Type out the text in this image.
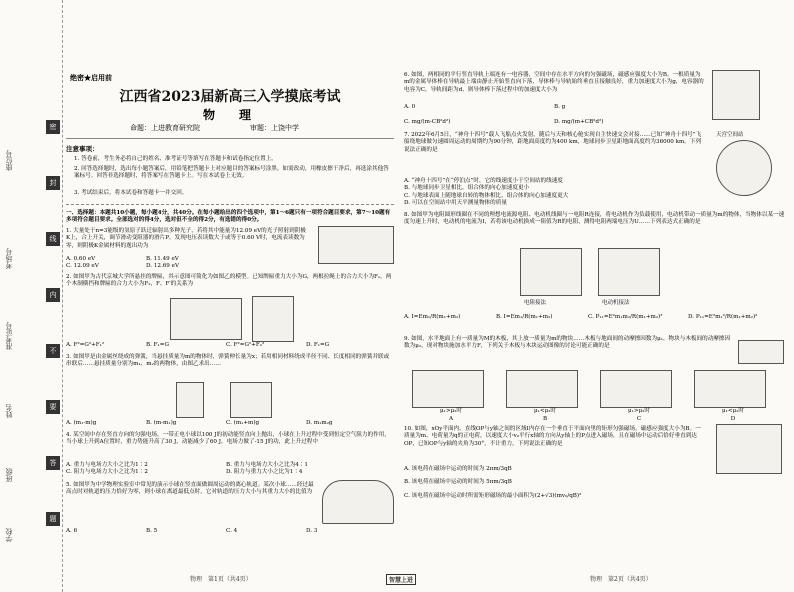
座位号
考场号
准考证号
姓名
班级
学校
密
封
线
内
不
要
答
题
绝密★启用前
江西省2023届新高三入学摸底考试
物　理
命题：上进教育研究院	审题：上饶中学
注意事项：
1. 答卷前，考生务必将自己的姓名、准考证号等填写在答题卡和试卷指定位置上。
2. 回答选择题时，选出每小题答案后，用铅笔把答题卡上对应题目的答案标号涂黑。如需改动，用橡皮擦干净后，再选涂其他答案标号。回答非选择题时，将答案写在答题卡上。写在本试卷上无效。
3. 考试结束后，将本试卷和答题卡一并交回。
一、选择题：本题共10小题，每小题4分，共40分。在每小题给出的四个选项中，第1～6题只有一项符合题目要求，第7～10题有多项符合题目要求。全部选对的得4分，选对但不全的得2分，有选错的得0分。
1. 大量处于n=3能级的氢原子跃迁辐射出多种光子，若将其中能量为12.09 eV的光子照射到阴极K上，合上开关，调节滑动变阻器的滑片P，发现电压表读数大于或等于0.60 V时，电流表读数为零，则阴极K金属材料的逸出功为
A. 0.60 eV	B. 11.49 eV
C. 12.09 eV	D. 12.69 eV
2. 如图甲为古代京城大学所悬挂的牌匾，其示意图可简化为如图乙的模型。已知牌匾重力大小为G，两根拉绳上的合力大小为F₁，两个木制横挡和牌匾的合力大小为F₂，F、F′的关系为
A. F²=G²+F₁²	B. F₁=G	C. F²=G²+F₂²	D. F₁=G
3. 如图甲是由金属丝绕成的弹簧，当悬挂质量为m的物体时，弹簧伸长量为x；若用相同材料绕成半径不同、长度相同的弹簧并联或串联后……悬挂质量分别为m₁、m₂的两物体，由图乙求出……
A. (m₁-m)g	B. (m-m₁)g	C. (m₁+m)g	D. m₁m₂g
4. 某空间中存在竖直方向的匀强电场，一带正电小球以100 J的初动能竖直向上抛出，小球在上升过程中受到恒定空气阻力的作用，当小球上升到A位置时，重力势能升高了30 J，动能减少了60 J，电场力做了-15 J的功，此上升过程中
A. 重力与电场力大小之比为1∶2	B. 重力与电场力大小之比为4∶1
C. 阻力与电场力大小之比为1∶2	D. 阻力与重力大小之比为1∶4
5. 如图甲为中学物理实验室中常见的演示小球在竖直面做圆周运动的离心轨道。某次小球……经过最高点时对轨道的压力恰好为零，则小球在离道最低点时，它对轨道的压力大小与其重力大小的比值为
A. 6	B. 5	C. 4	D. 3
物理　第1页（共4页）	智慧上进	物理　第2页（共4页）
6. 如图，两相同的平行竖直导轨上端连有一电容器，空间中存在水平方向的匀强磁场，磁感应强度大小为B。一根质量为m的金属导体棒在导轨最上端由静止开始竖直向下落，导体棒与导轨始终垂直且接触良好，重力加速度大小为g，电容器的电容为C，导轨间距为d，则导体棒下落过程中的加速度大小为
A. 0	B. g

C. mg/(m-CB²d²)	D. mg/(m+CB²d²)
7. 2022年6月5日，“神舟十四号”载人飞船点火发射，随后与天和核心舱实现自主快速交会对接……已知“神舟十四号”飞船绕地球做匀速圆周运动的周期约为90分钟，距地面高度约为400 km，地球同步卫星距地面高度约为36000 km。下列说法正确的是
天宫空间站
A. “神舟十四号”在“停泊点”时，它的线速度小于空间站的线速度
B. 与地球同步卫星相比，组合体的向心加速度更小
C. 与地球表面上随地球自转的物体相比，组合体的向心加速度更大
D. 可以在空间站中用天平测量物体的质量
8. 如图甲为电阻圆形线圈在不同的理想电流源电阻、电动机线圈与一电阻R连接，将电动机作为负载使用，电动机带动一质量为m的物体，当物体以某一速度匀速上升时，电动机的电流为I，若将该电动机换成一阻值为R的电阻，测得电阻两端电压为U……下列表达式正确的是
电阻接法	电动机接法
A. I=Em₁/R(m₁+m₂)	B. I=Em₁/R(m₁+m₂)	C. P₁₁=E²m₁m₂/R(m₁+m₂)²	D. P₁₁=E²m₁²/R(m₁+m₂)²
9. 如图，水平地面上有一质量为M的木板，其上放一质量为m的物块……木板与地面间的动摩擦因数为μ₁，物块与木板间的动摩擦因数为μ₂，现对物块施加水平力F，下列关于木板与木块运动图像的讨论可能正确的是
μ₁>μ₂时	μ₁<μ₂时	μ₁>μ₂时	μ₁<μ₂时
A	B	C	D
10. 如图，xOy平面内，直线OP与y轴之间的区域Ⅰ内存在一个垂直于平面向里的矩形匀强磁场，磁感应强度大小为B。一质量为m、电荷量为q的正电荷，以速度大小v₀平行x轴的方向从y轴上的P点进入磁场，且在磁场中运动后恰好垂直到达OP，已知OP与y轴的夹角为30°，不计重力，下列说法正确的是
A. 该电荷在磁场中运动的时间为 2πm/3qB
B. 该电荷在磁场中运动的时间为 5πm/3qB
C. 该电荷在磁场中运动时所需矩形磁场的最小面积为(2+√3)(mv₀/qB)²
